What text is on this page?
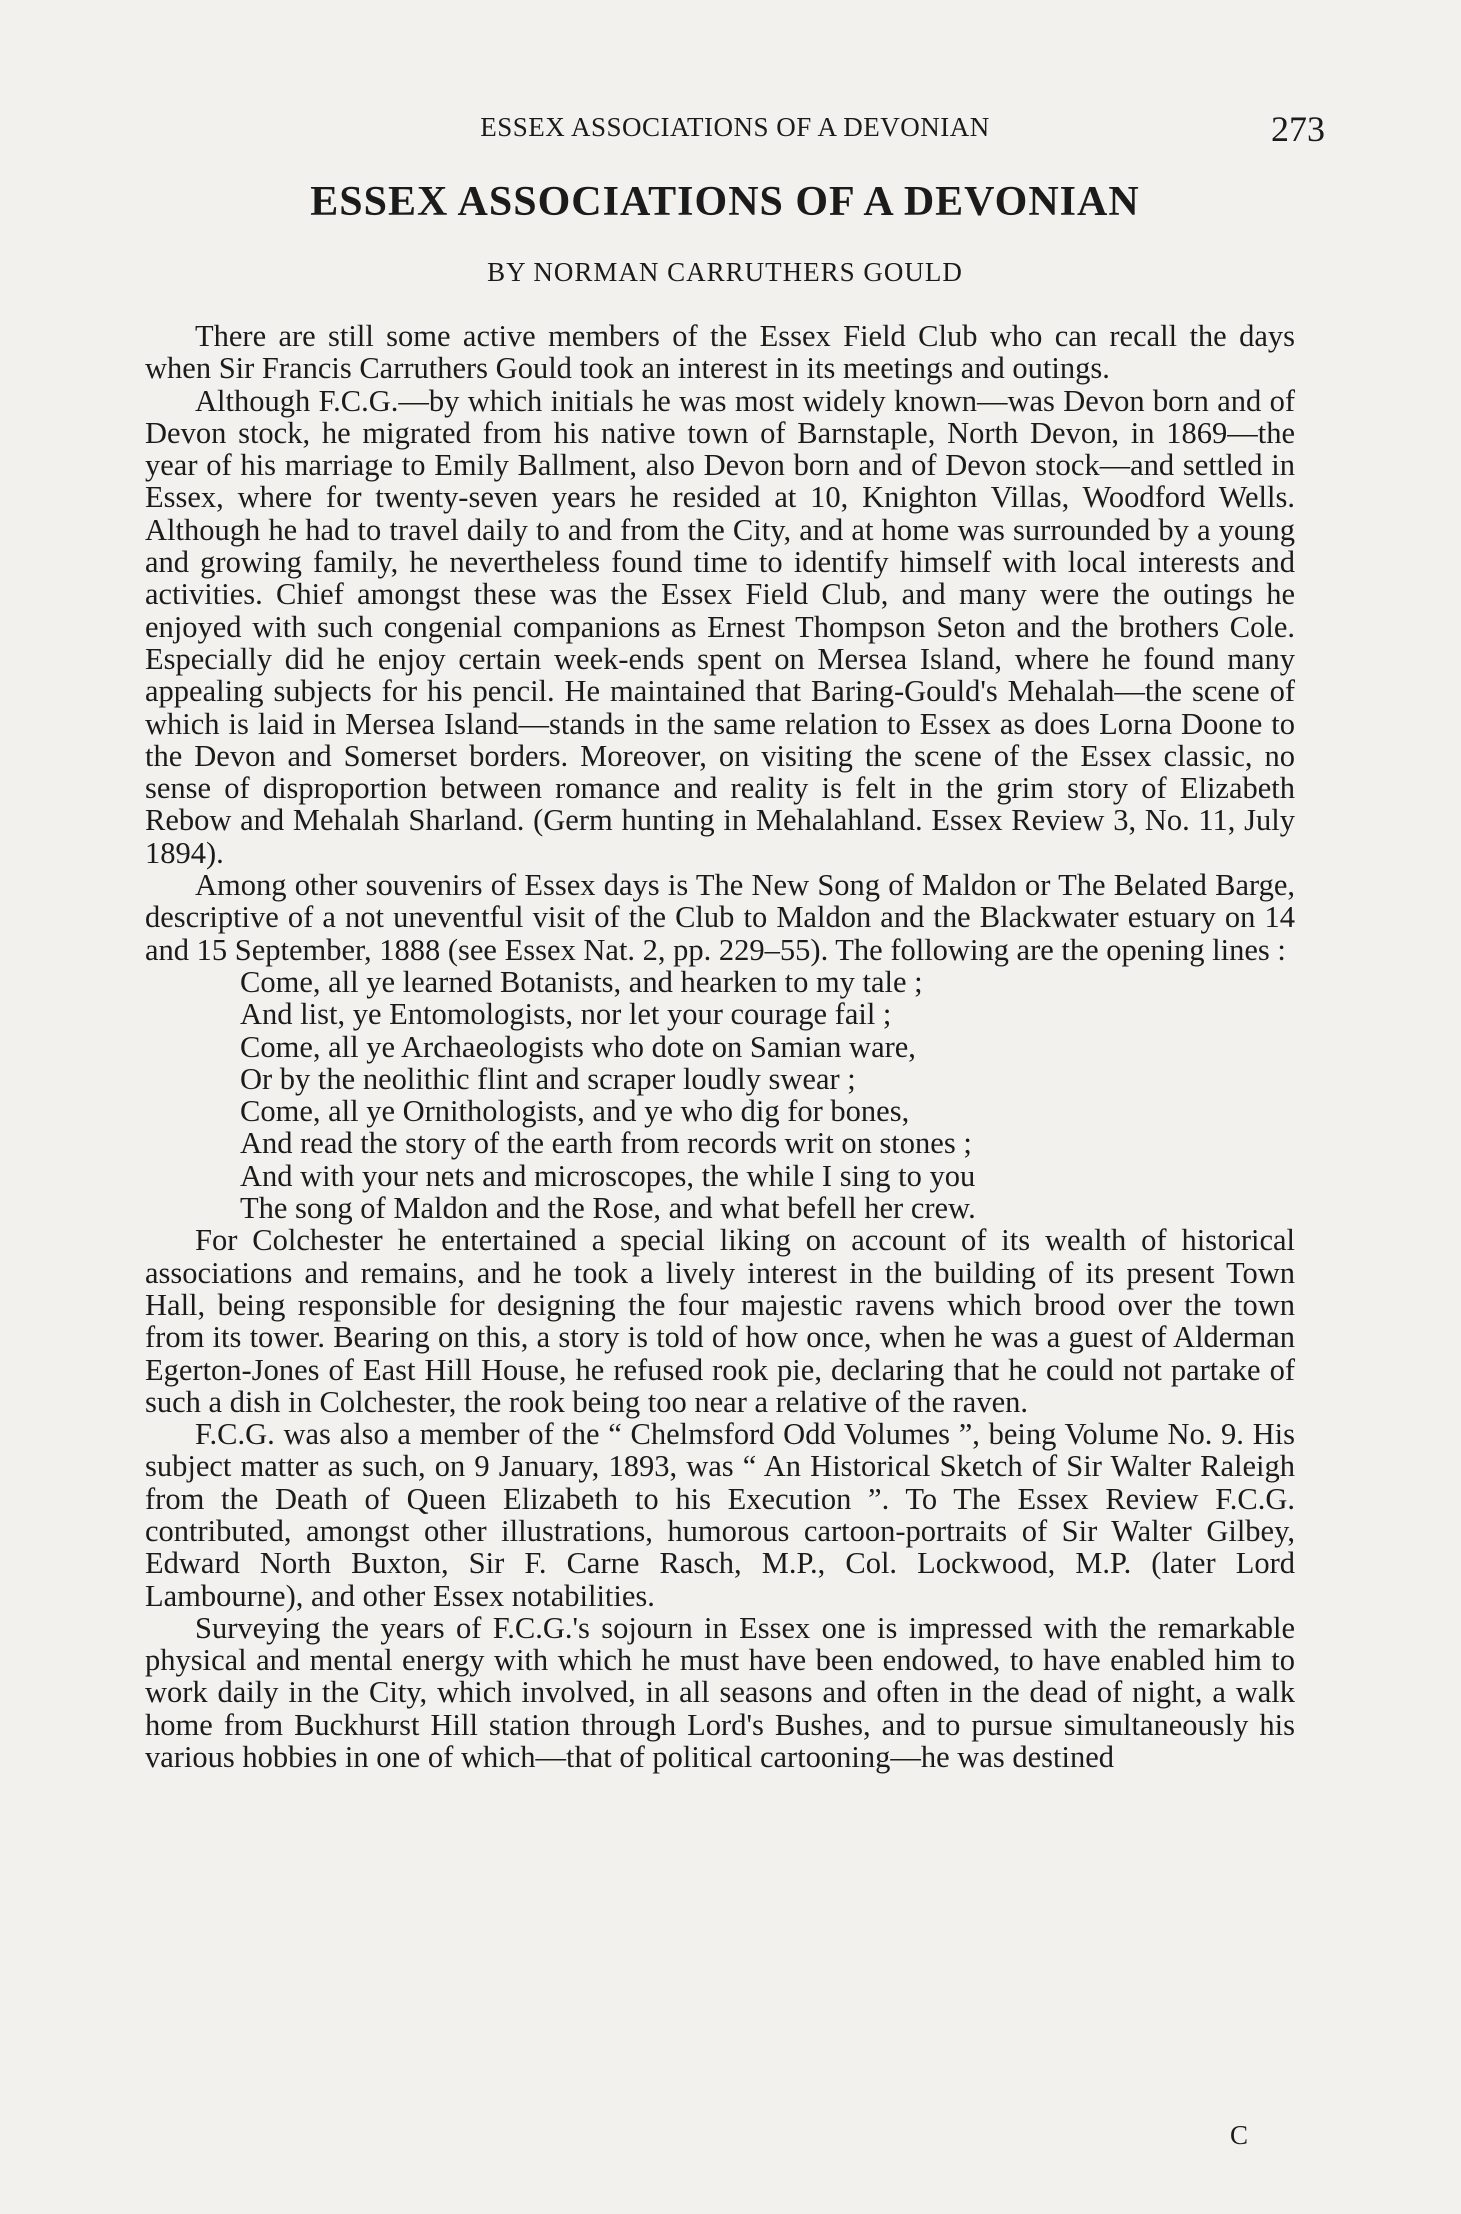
ESSEX ASSOCIATIONS OF A DEVONIAN	273
ESSEX ASSOCIATIONS OF A DEVONIAN
BY NORMAN CARRUTHERS GOULD

There are still some active members of the Essex Field Club who can recall the days when Sir Francis Carruthers Gould took an interest in its meetings and outings.

Although F.C.G.—by which initials he was most widely known—was Devon born and of Devon stock, he migrated from his native town of Barnstaple, North Devon, in 1869—the year of his marriage to Emily Ballment, also Devon born and of Devon stock—and settled in Essex, where for twenty-seven years he resided at 10, Knighton Villas, Woodford Wells. Although he had to travel daily to and from the City, and at home was surrounded by a young and growing family, he nevertheless found time to identify himself with local interests and activities. Chief amongst these was the Essex Field Club, and many were the outings he enjoyed with such congenial companions as Ernest Thompson Seton and the brothers Cole. Especially did he enjoy certain week-ends spent on Mersea Island, where he found many appealing subjects for his pencil. He maintained that Baring-Gould's Mehalah—the scene of which is laid in Mersea Island—stands in the same relation to Essex as does Lorna Doone to the Devon and Somerset borders. Moreover, on visiting the scene of the Essex classic, no sense of disproportion between romance and reality is felt in the grim story of Elizabeth Rebow and Mehalah Sharland. (Germ hunting in Mehalahland. Essex Review 3, No. 11, July 1894).

Among other souvenirs of Essex days is The New Song of Maldon or The Belated Barge, descriptive of a not uneventful visit of the Club to Maldon and the Blackwater estuary on 14 and 15 September, 1888 (see Essex Nat. 2, pp. 229–55). The following are the opening lines :

Come, all ye learned Botanists, and hearken to my tale ;
And list, ye Entomologists, nor let your courage fail ;
Come, all ye Archaeologists who dote on Samian ware,
Or by the neolithic flint and scraper loudly swear ;
Come, all ye Ornithologists, and ye who dig for bones,
And read the story of the earth from records writ on stones ;
And with your nets and microscopes, the while I sing to you
The song of Maldon and the Rose, and what befell her crew.

For Colchester he entertained a special liking on account of its wealth of historical associations and remains, and he took a lively interest in the building of its present Town Hall, being responsible for designing the four majestic ravens which brood over the town from its tower. Bearing on this, a story is told of how once, when he was a guest of Alderman Egerton-Jones of East Hill House, he refused rook pie, declaring that he could not partake of such a dish in Colchester, the rook being too near a relative of the raven.

F.C.G. was also a member of the “ Chelmsford Odd Volumes ”, being Volume No. 9. His subject matter as such, on 9 January, 1893, was “ An Historical Sketch of Sir Walter Raleigh from the Death of Queen Elizabeth to his Execution ”. To The Essex Review F.C.G. contributed, amongst other illustrations, humorous cartoon-portraits of Sir Walter Gilbey, Edward North Buxton, Sir F. Carne Rasch, M.P., Col. Lockwood, M.P. (later Lord Lambourne), and other Essex notabilities.

Surveying the years of F.C.G.'s sojourn in Essex one is impressed with the remarkable physical and mental energy with which he must have been endowed, to have enabled him to work daily in the City, which involved, in all seasons and often in the dead of night, a walk home from Buckhurst Hill station through Lord's Bushes, and to pursue simultaneously his various hobbies in one of which—that of political cartooning—he was destined

C
